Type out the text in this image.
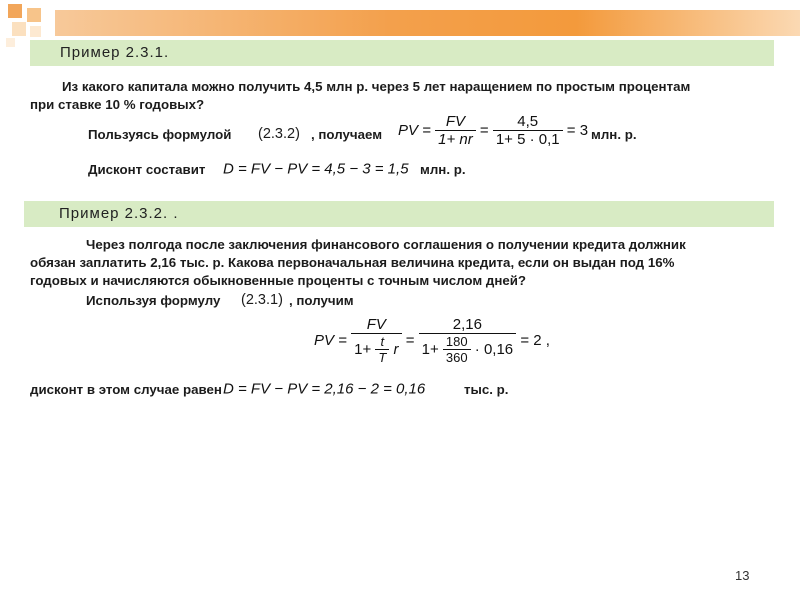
Пример 2.3.1.
Из какого капитала можно получить 4,5 млн р. через 5 лет наращением по простым процентам
при ставке 10 % годовых?
Пользуясь формулой (2.3.2) , получаем PV = $\frac{FV}{1+ nr} = \frac{4,5}{1+ 5 \cdot 0,1} = 3$ млн. р.
Дисконт составит D = FV − PV = 4,5 − 3 = 1,5 млн. р.
Пример 2.3.2. .
Через полгода после заключения финансового соглашения о получении кредита должник
обязан заплатить 2,16 тыс. р. Какова первоначальная величина кредита, если он выдан под 16%
годовых и начисляются обыкновенные проценты с точным числом дней?
Используя формулу (2.3.1) , получим
PV = $\frac{FV}{1+ \frac{t}{T} r} = \frac{2,16}{1+ \frac{180}{360} \cdot 0,16} = 2$ ,
дисконт в этом случае равен D = FV − PV = 2,16 − 2 = 0,16	тыс. р.
13
